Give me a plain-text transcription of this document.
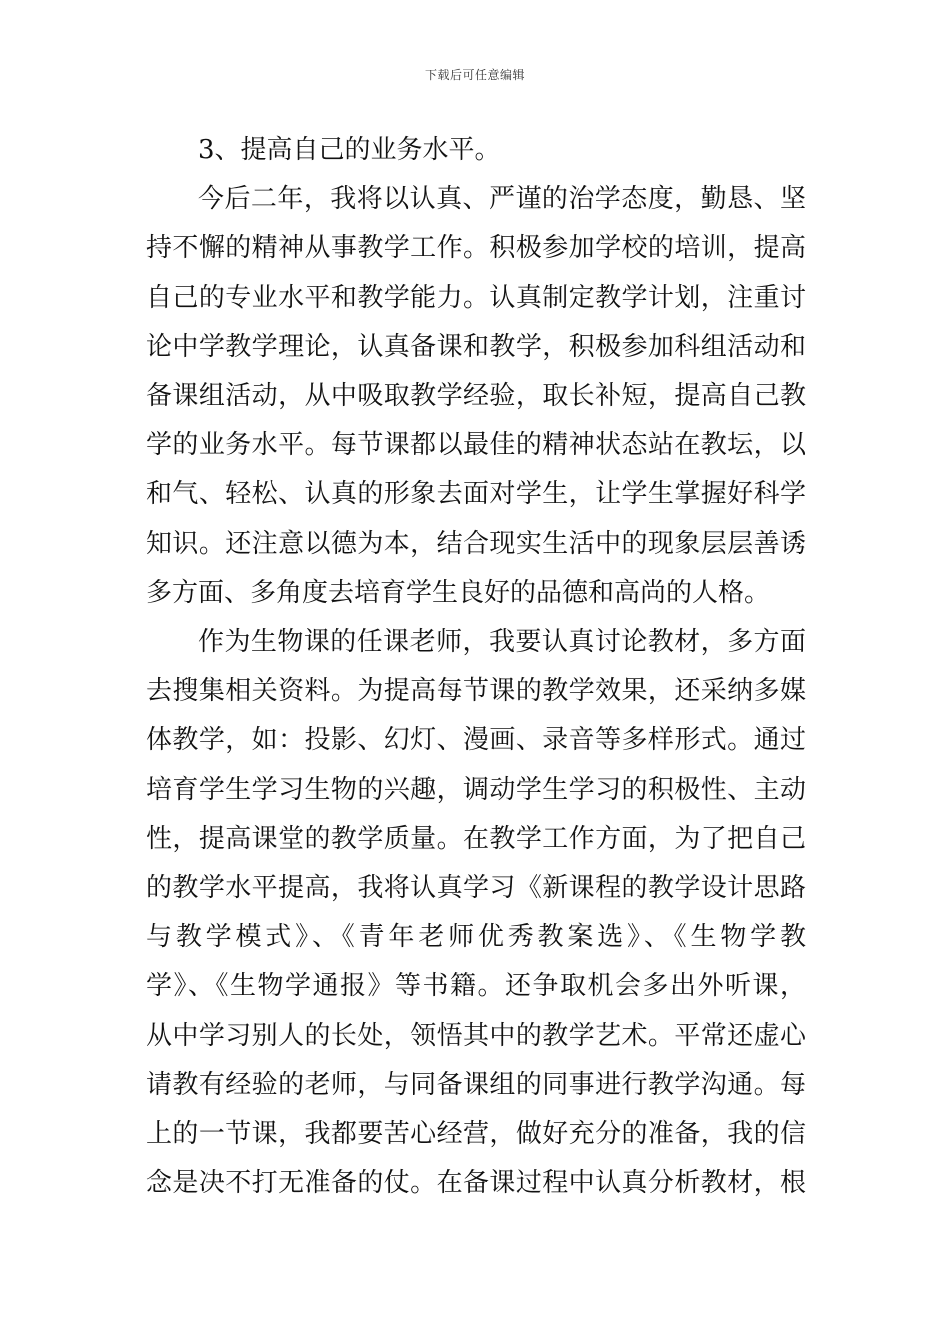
下载后可任意编辑

3、提高自己的业务水平。

今后二年，我将以认真、严谨的治学态度，勤恳、坚
持不懈的精神从事教学工作。积极参加学校的培训，提高
自己的专业水平和教学能力。认真制定教学计划，注重讨
论中学教学理论，认真备课和教学，积极参加科组活动和
备课组活动，从中吸取教学经验，取长补短，提高自己教
学的业务水平。每节课都以最佳的精神状态站在教坛，以
和气、轻松、认真的形象去面对学生，让学生掌握好科学
知识。还注意以德为本，结合现实生活中的现象层层善诱
多方面、多角度去培育学生良好的品德和高尚的人格。

作为生物课的任课老师，我要认真讨论教材，多方面
去搜集相关资料。为提高每节课的教学效果，还采纳多媒
体教学，如：投影、幻灯、漫画、录音等多样形式。通过
培育学生学习生物的兴趣，调动学生学习的积极性、主动
性，提高课堂的教学质量。在教学工作方面，为了把自己
的教学水平提高，我将认真学习《新课程的教学设计思路
与教学模式》、《青年老师优秀教案选》、《生物学教
学》、《生物学通报》等书籍。还争取机会多出外听课，
从中学习别人的长处，领悟其中的教学艺术。平常还虚心
请教有经验的老师，与同备课组的同事进行教学沟通。每
上的一节课，我都要苦心经营，做好充分的准备，我的信
念是决不打无准备的仗。在备课过程中认真分析教材，根
